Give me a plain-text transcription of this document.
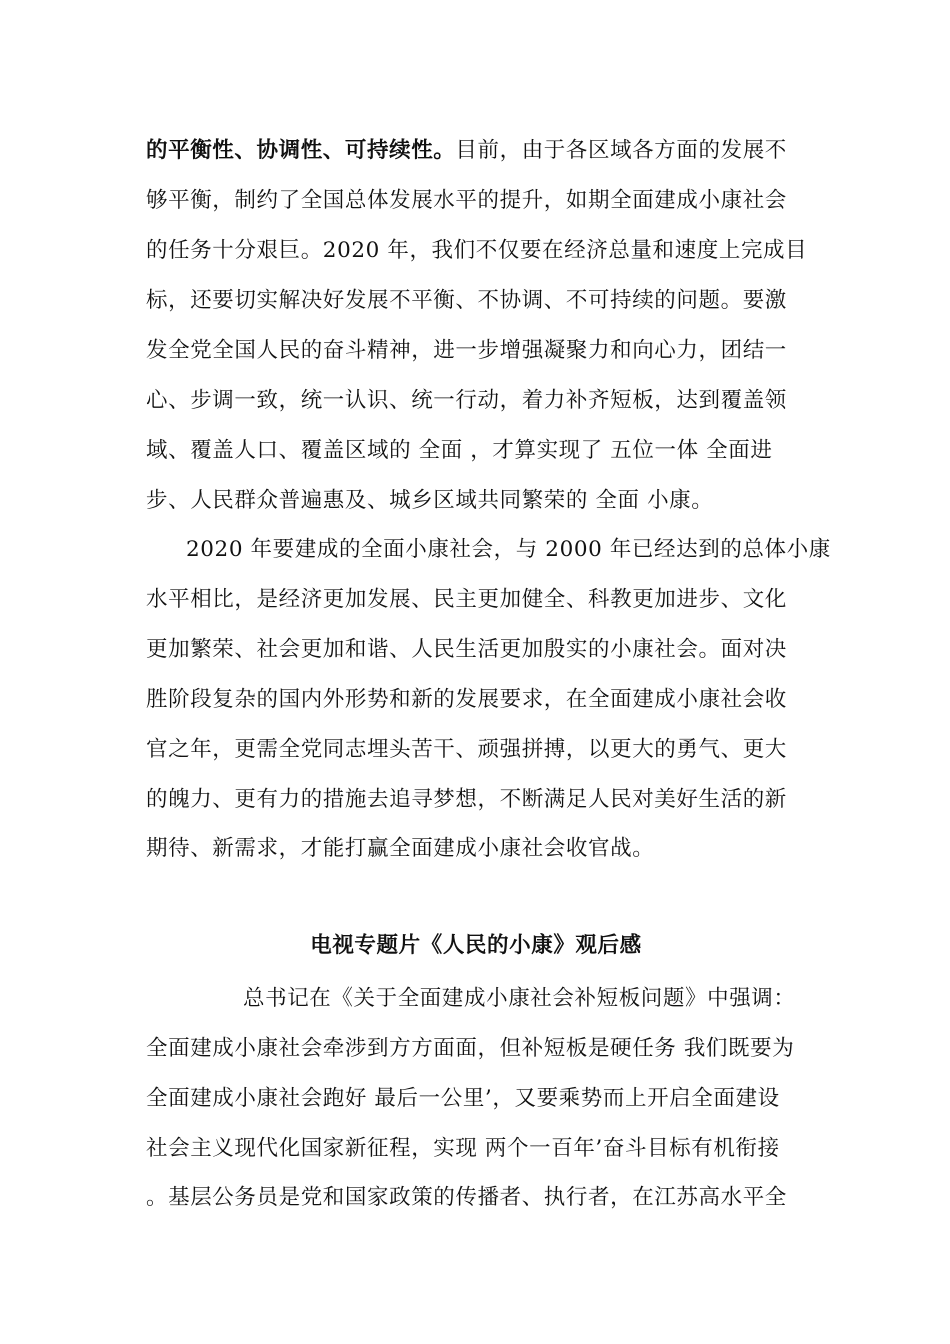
的平衡性、协调性、可持续性。目前，由于各区域各方面的发展不
够平衡，制约了全国总体发展水平的提升，如期全面建成小康社会
的任务十分艰巨。2020 年，我们不仅要在经济总量和速度上完成目
标，还要切实解决好发展不平衡、不协调、不可持续的问题。要激
发全党全国人民的奋斗精神，进一步增强凝聚力和向心力，团结一
心、步调一致，统一认识、统一行动，着力补齐短板，达到覆盖领
域、覆盖人口、覆盖区域的 全面 ，才算实现了 五位一体 全面进
步、人民群众普遍惠及、城乡区域共同繁荣的 全面 小康。
2020 年要建成的全面小康社会，与 2000 年已经达到的总体小康
水平相比，是经济更加发展、民主更加健全、科教更加进步、文化
更加繁荣、社会更加和谐、人民生活更加殷实的小康社会。面对决
胜阶段复杂的国内外形势和新的发展要求，在全面建成小康社会收
官之年，更需全党同志埋头苦干、顽强拼搏，以更大的勇气、更大
的魄力、更有力的措施去追寻梦想，不断满足人民对美好生活的新
期待、新需求，才能打赢全面建成小康社会收官战。
电视专题片《人民的小康》观后感
总书记在《关于全面建成小康社会补短板问题》中强调：
全面建成小康社会牵涉到方方面面，但补短板是硬任务 我们既要为
全面建成小康社会跑好 最后一公里’，又要乘势而上开启全面建设
社会主义现代化国家新征程，实现 两个一百年’奋斗目标有机衔接
。基层公务员是党和国家政策的传播者、执行者，在江苏高水平全
